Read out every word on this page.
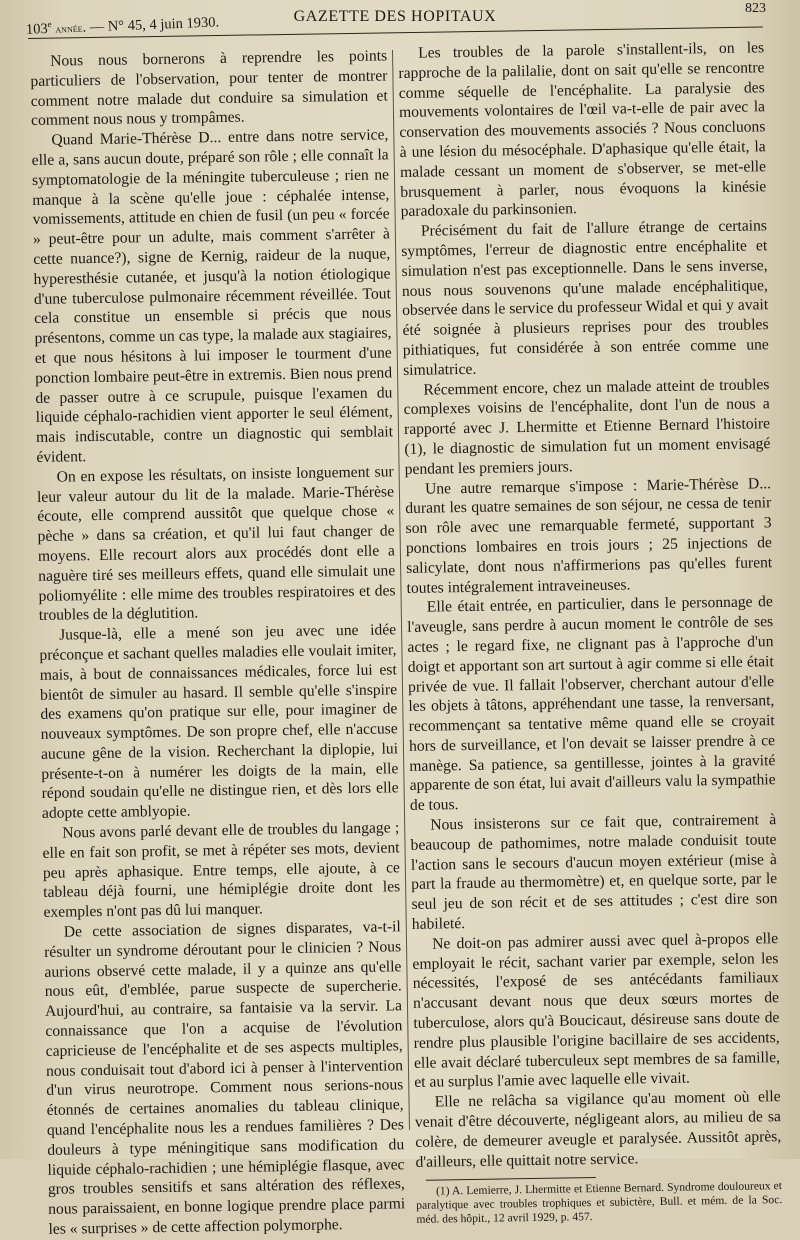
103e année. — N° 45, 4 juin 1930.	GAZETTE DES HOPITAUX	823

Nous nous bornerons à reprendre les points particuliers de l'observation, pour tenter de montrer comment notre malade dut conduire sa simulation et comment nous nous y trompâmes.

Quand Marie-Thérèse D... entre dans notre service, elle a, sans aucun doute, préparé son rôle ; elle connaît la symptomatologie de la méningite tuberculeuse ; rien ne manque à la scène qu'elle joue : céphalée intense, vomissements, attitude en chien de fusil (un peu « forcée » peut-être pour un adulte, mais comment s'arrêter à cette nuance?), signe de Kernig, raideur de la nuque, hyperesthésie cutanée, et jusqu'à la notion étiologique d'une tuberculose pulmonaire récemment réveillée. Tout cela constitue un ensemble si précis que nous présentons, comme un cas type, la malade aux stagiaires, et que nous hésitons à lui imposer le tourment d'une ponction lombaire peut-être in extremis. Bien nous prend de passer outre à ce scrupule, puisque l'examen du liquide céphalo-rachidien vient apporter le seul élément, mais indiscutable, contre un diagnostic qui semblait évident.

On en expose les résultats, on insiste longuement sur leur valeur autour du lit de la malade. Marie-Thérèse écoute, elle comprend aussitôt que quelque chose « pèche » dans sa création, et qu'il lui faut changer de moyens. Elle recourt alors aux procédés dont elle a naguère tiré ses meilleurs effets, quand elle simulait une poliomyélite : elle mime des troubles respiratoires et des troubles de la déglutition.

Jusque-là, elle a mené son jeu avec une idée préconçue et sachant quelles maladies elle voulait imiter, mais, à bout de connaissances médicales, force lui est bientôt de simuler au hasard. Il semble qu'elle s'inspire des examens qu'on pratique sur elle, pour imaginer de nouveaux symptômes. De son propre chef, elle n'accuse aucune gêne de la vision. Recherchant la diplopie, lui présente-t-on à numérer les doigts de la main, elle répond soudain qu'elle ne distingue rien, et dès lors elle adopte cette amblyopie.

Nous avons parlé devant elle de troubles du langage ; elle en fait son profit, se met à répéter ses mots, devient peu après aphasique. Entre temps, elle ajoute, à ce tableau déjà fourni, une hémiplégie droite dont les exemples n'ont pas dû lui manquer.

De cette association de signes disparates, va-t-il résulter un syndrome déroutant pour le clinicien ? Nous aurions observé cette malade, il y a quinze ans qu'elle nous eût, d'emblée, parue suspecte de supercherie. Aujourd'hui, au contraire, sa fantaisie va la servir. La connaissance que l'on a acquise de l'évolution capricieuse de l'encéphalite et de ses aspects multiples, nous conduisait tout d'abord ici à penser à l'intervention d'un virus neurotrope. Comment nous serions-nous étonnés de certaines anomalies du tableau clinique, quand l'encéphalite nous les a rendues familières ? Des douleurs à type méningitique sans modification du liquide céphalo-rachidien ; une hémiplégie flasque, avec gros troubles sensitifs et sans altération des réflexes, nous paraissaient, en bonne logique prendre place parmi les « surprises » de cette affection polymorphe.

Les troubles de la parole s'installent-ils, on les rapproche de la palilalie, dont on sait qu'elle se rencontre comme séquelle de l'encéphalite. La paralysie des mouvements volontaires de l'œil va-t-elle de pair avec la conservation des mouvements associés ? Nous concluons à une lésion du mésocéphale. D'aphasique qu'elle était, la malade cessant un moment de s'observer, se met-elle brusquement à parler, nous évoquons la kinésie paradoxale du parkinsonien.

Précisément du fait de l'allure étrange de certains symptômes, l'erreur de diagnostic entre encéphalite et simulation n'est pas exceptionnelle. Dans le sens inverse, nous nous souvenons qu'une malade encéphalitique, observée dans le service du professeur Widal et qui y avait été soignée à plusieurs reprises pour des troubles pithiatiques, fut considérée à son entrée comme une simulatrice.

Récemment encore, chez un malade atteint de troubles complexes voisins de l'encéphalite, dont l'un de nous a rapporté avec J. Lhermitte et Etienne Bernard l'histoire (1), le diagnostic de simulation fut un moment envisagé pendant les premiers jours.

Une autre remarque s'impose : Marie-Thérèse D... durant les quatre semaines de son séjour, ne cessa de tenir son rôle avec une remarquable fermeté, supportant 3 ponctions lombaires en trois jours ; 25 injections de salicylate, dont nous n'affirmerions pas qu'elles furent toutes intégralement intraveineuses.

Elle était entrée, en particulier, dans le personnage de l'aveugle, sans perdre à aucun moment le contrôle de ses actes ; le regard fixe, ne clignant pas à l'approche d'un doigt et apportant son art surtout à agir comme si elle était privée de vue. Il fallait l'observer, cherchant autour d'elle les objets à tâtons, appréhendant une tasse, la renversant, recommençant sa tentative même quand elle se croyait hors de surveillance, et l'on devait se laisser prendre à ce manège. Sa patience, sa gentillesse, jointes à la gravité apparente de son état, lui avait d'ailleurs valu la sympathie de tous.

Nous insisterons sur ce fait que, contrairement à beaucoup de pathomimes, notre malade conduisit toute l'action sans le secours d'aucun moyen extérieur (mise à part la fraude au thermomètre) et, en quelque sorte, par le seul jeu de son récit et de ses attitudes ; c'est dire son habileté.

Ne doit-on pas admirer aussi avec quel à-propos elle employait le récit, sachant varier par exemple, selon les nécessités, l'exposé de ses antécédants familiaux n'accusant devant nous que deux sœurs mortes de tuberculose, alors qu'à Boucicaut, désireuse sans doute de rendre plus plausible l'origine bacillaire de ses accidents, elle avait déclaré tuberculeux sept membres de sa famille, et au surplus l'amie avec laquelle elle vivait.

Elle ne relâcha sa vigilance qu'au moment où elle venait d'être découverte, négligeant alors, au milieu de sa colère, de demeurer aveugle et paralysée. Aussitôt après, d'ailleurs, elle quittait notre service.

(1) A. Lemierre, J. Lhermitte et Etienne Bernard. Syndrome douloureux et paralytique avec troubles trophiques et subictère, Bull. et mém. de la Soc. méd. des hôpit., 12 avril 1929, p. 457.
